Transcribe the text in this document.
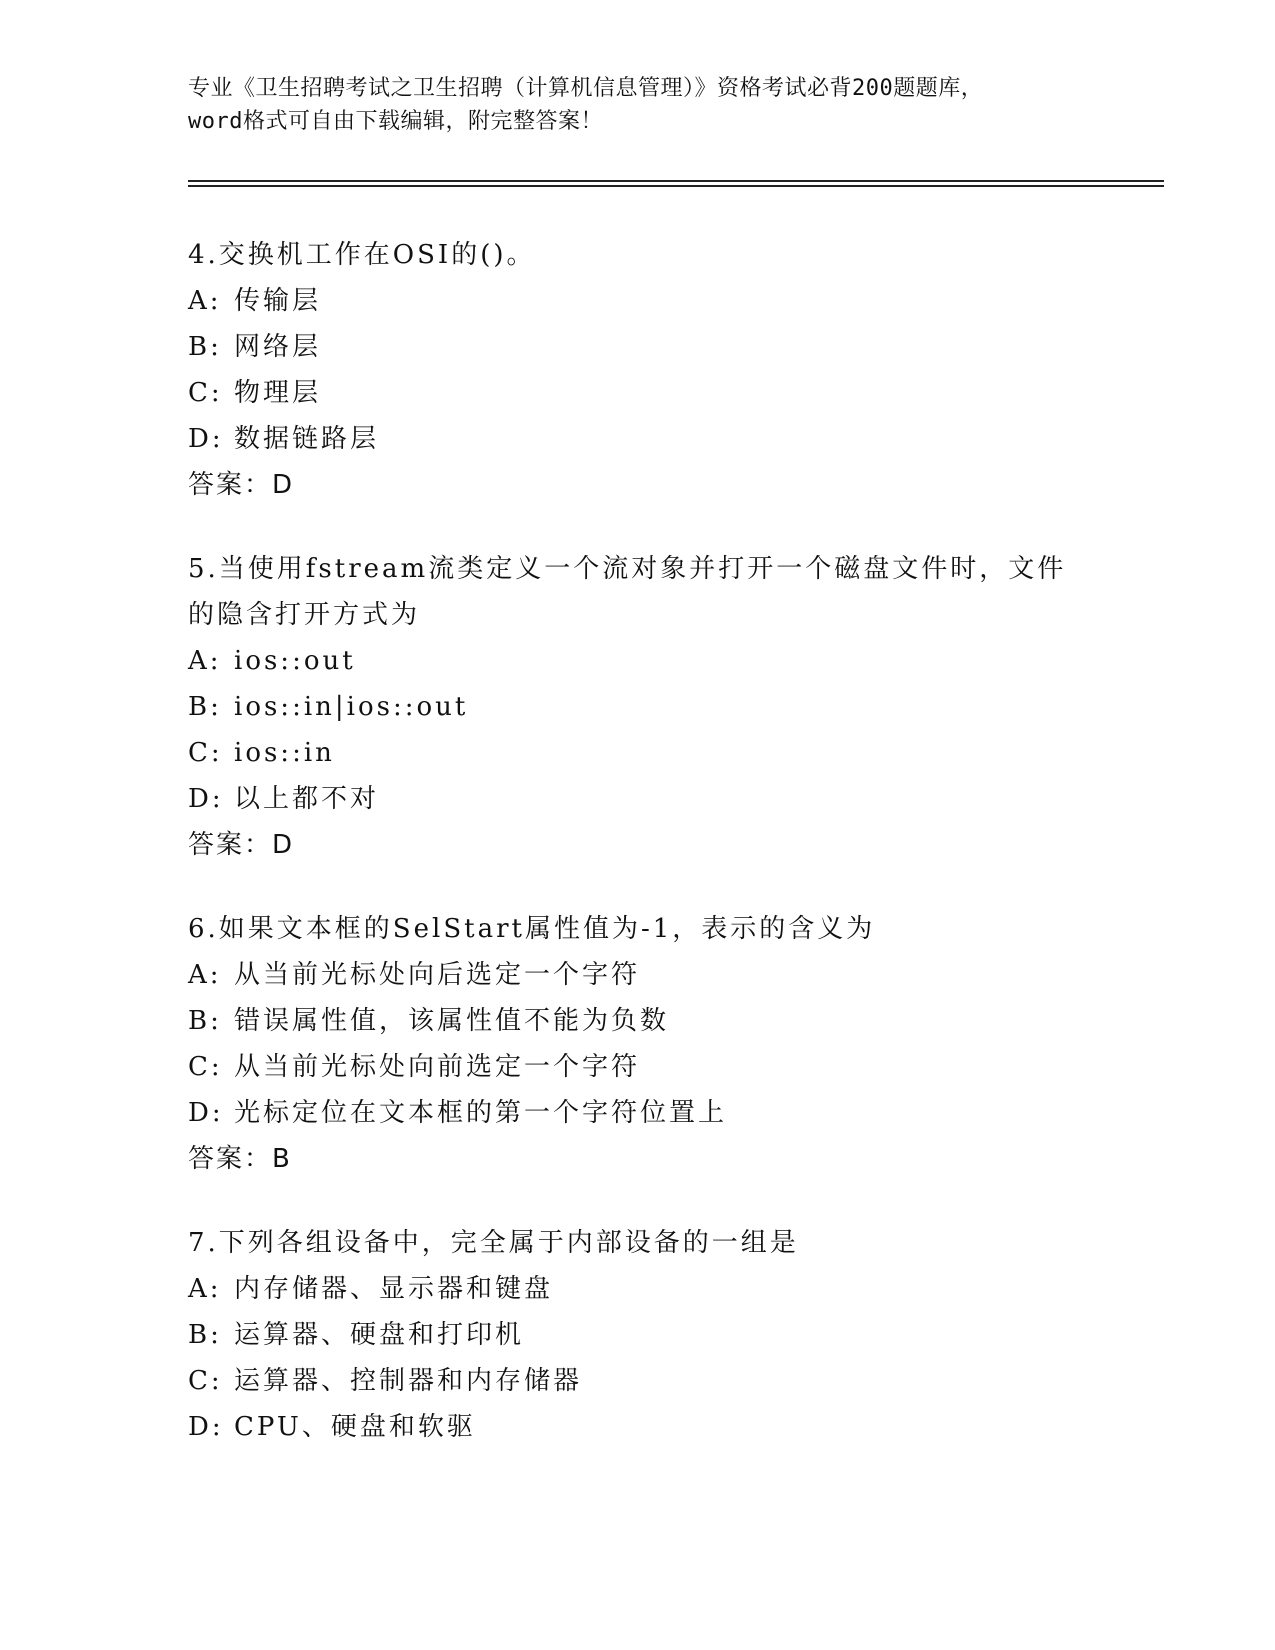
专业《卫生招聘考试之卫生招聘（计算机信息管理）》资格考试必背200题题库，
word格式可自由下载编辑，附完整答案！
4.交换机工作在OSI的()。
A: 传输层
B: 网络层
C: 物理层
D: 数据链路层
答案：D
5.当使用fstream流类定义一个流对象并打开一个磁盘文件时，文件
的隐含打开方式为
A: ios::out
B: ios::in|ios::out
C: ios::in
D: 以上都不对
答案：D
6.如果文本框的SelStart属性值为-1，表示的含义为
A: 从当前光标处向后选定一个字符
B: 错误属性值，该属性值不能为负数
C: 从当前光标处向前选定一个字符
D: 光标定位在文本框的第一个字符位置上
答案：B
7.下列各组设备中，完全属于内部设备的一组是
A: 内存储器、显示器和键盘
B: 运算器、硬盘和打印机
C: 运算器、控制器和内存储器
D: CPU、硬盘和软驱
